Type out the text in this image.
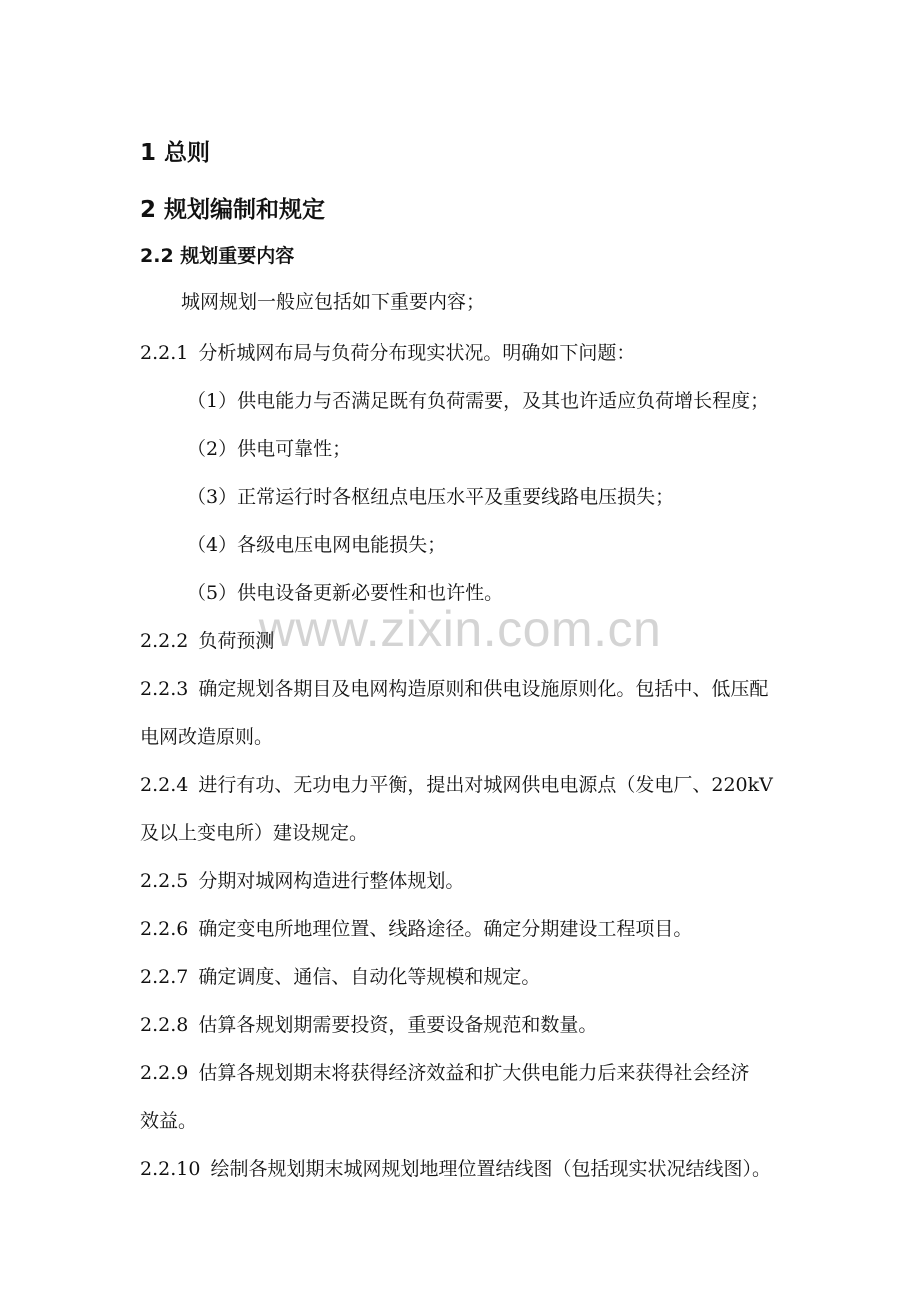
www.zixin.com.cn
1 总则
2 规划编制和规定
2.2 规划重要内容
城网规划一般应包括如下重要内容；
2.2.1 分析城网布局与负荷分布现实状况。明确如下问题：
（1）供电能力与否满足既有负荷需要，及其也许适应负荷增长程度；
（2）供电可靠性；
（3）正常运行时各枢纽点电压水平及重要线路电压损失；
（4）各级电压电网电能损失；
（5）供电设备更新必要性和也许性。
2.2.2 负荷预测
2.2.3 确定规划各期目及电网构造原则和供电设施原则化。包括中、低压配
电网改造原则。
2.2.4 进行有功、无功电力平衡，提出对城网供电电源点（发电厂、220kV
及以上变电所）建设规定。
2.2.5 分期对城网构造进行整体规划。
2.2.6 确定变电所地理位置、线路途径。确定分期建设工程项目。
2.2.7 确定调度、通信、自动化等规模和规定。
2.2.8 估算各规划期需要投资，重要设备规范和数量。
2.2.9 估算各规划期末将获得经济效益和扩大供电能力后来获得社会经济
效益。
2.2.10 绘制各规划期末城网规划地理位置结线图（包括现实状况结线图）。
